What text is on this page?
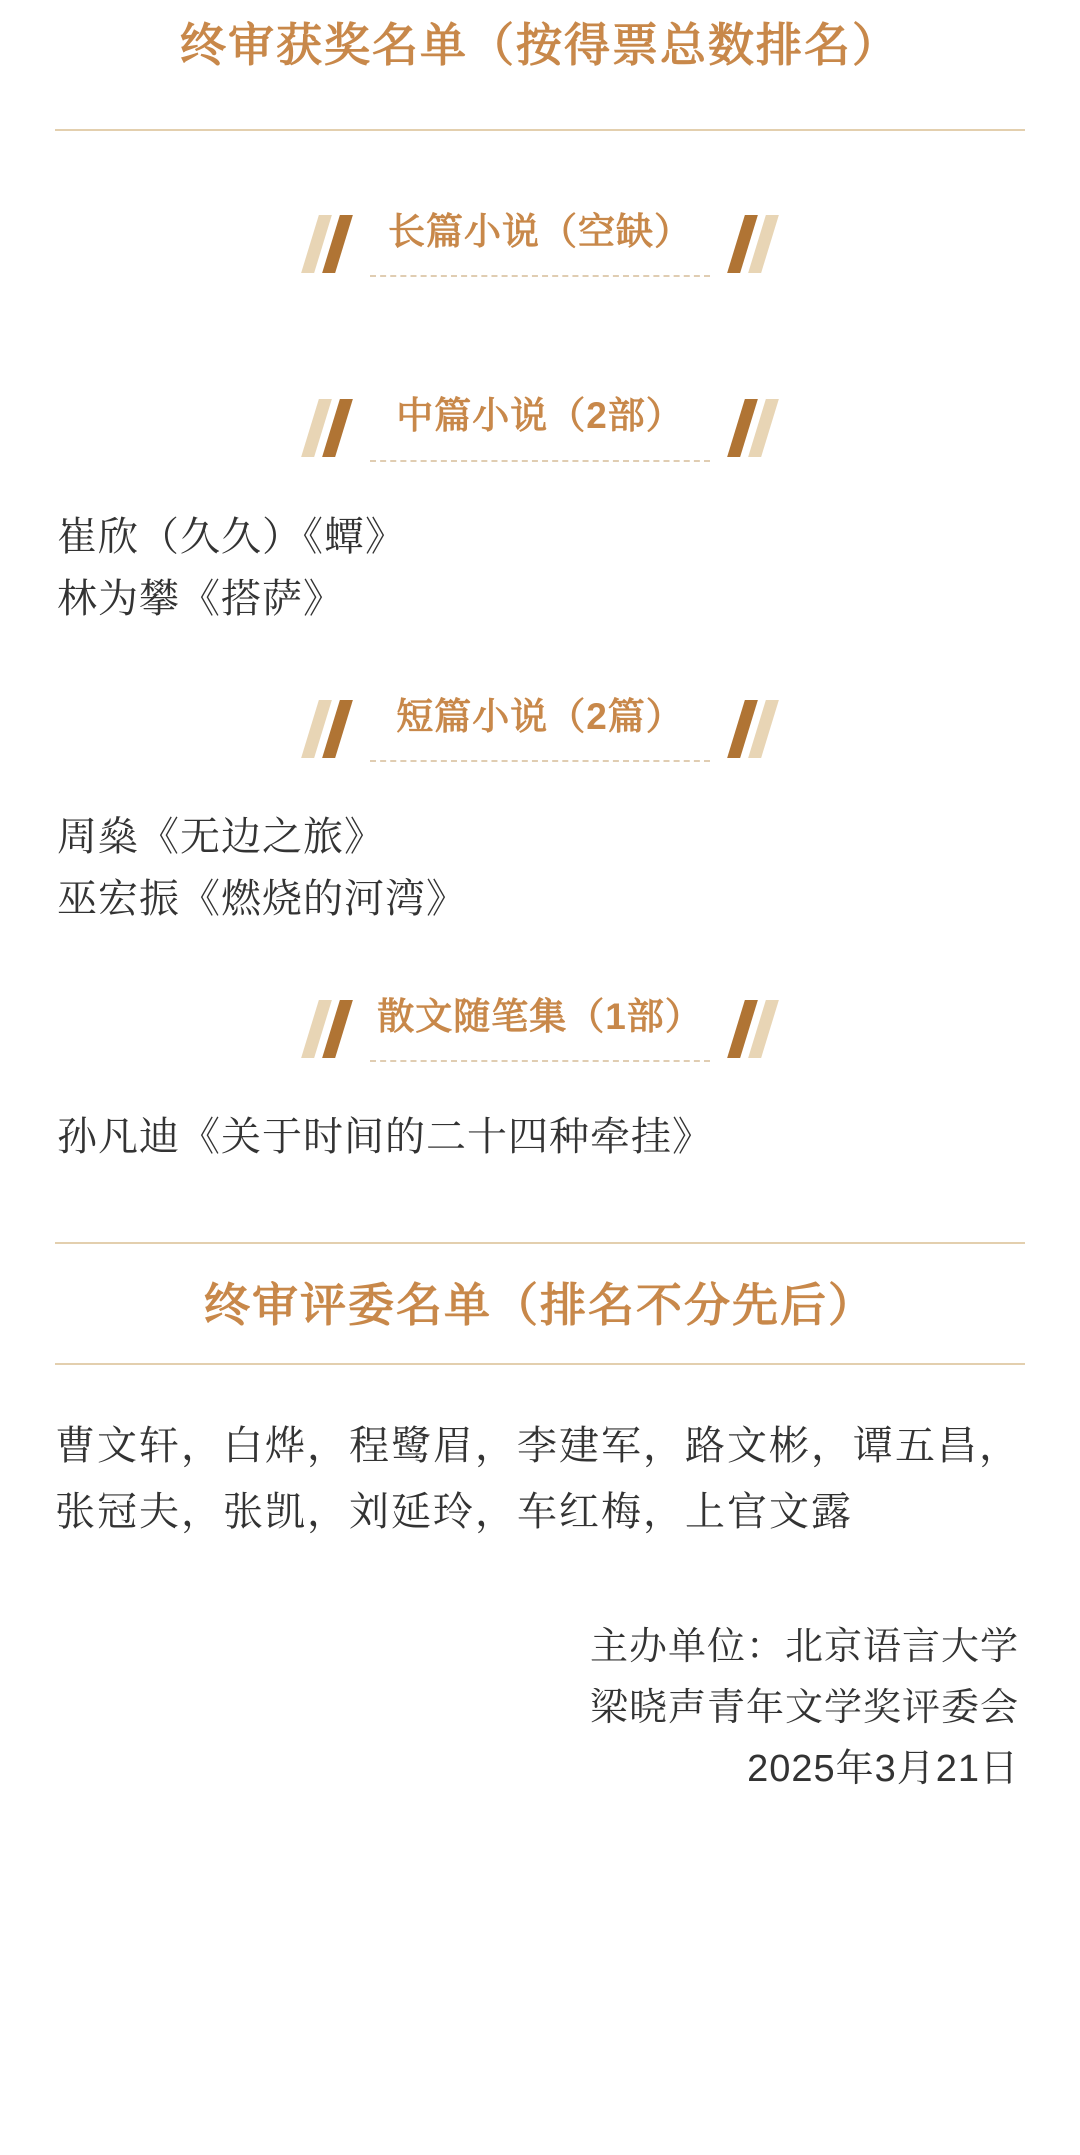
终审获奖名单（按得票总数排名）
长篇小说（空缺）
中篇小说（2部）
崔欣（久久）《蟫》
林为攀《搭萨》
短篇小说（2篇）
周燊《无边之旅》
巫宏振《燃烧的河湾》
散文随笔集（1部）
孙凡迪《关于时间的二十四种牵挂》
终审评委名单（排名不分先后）
曹文轩，白烨，程鹭眉，李建军，路文彬，谭五昌，张冠夫，张凯，刘延玲，车红梅，上官文露
主办单位：北京语言大学
梁晓声青年文学奖评委会
2025年3月21日
